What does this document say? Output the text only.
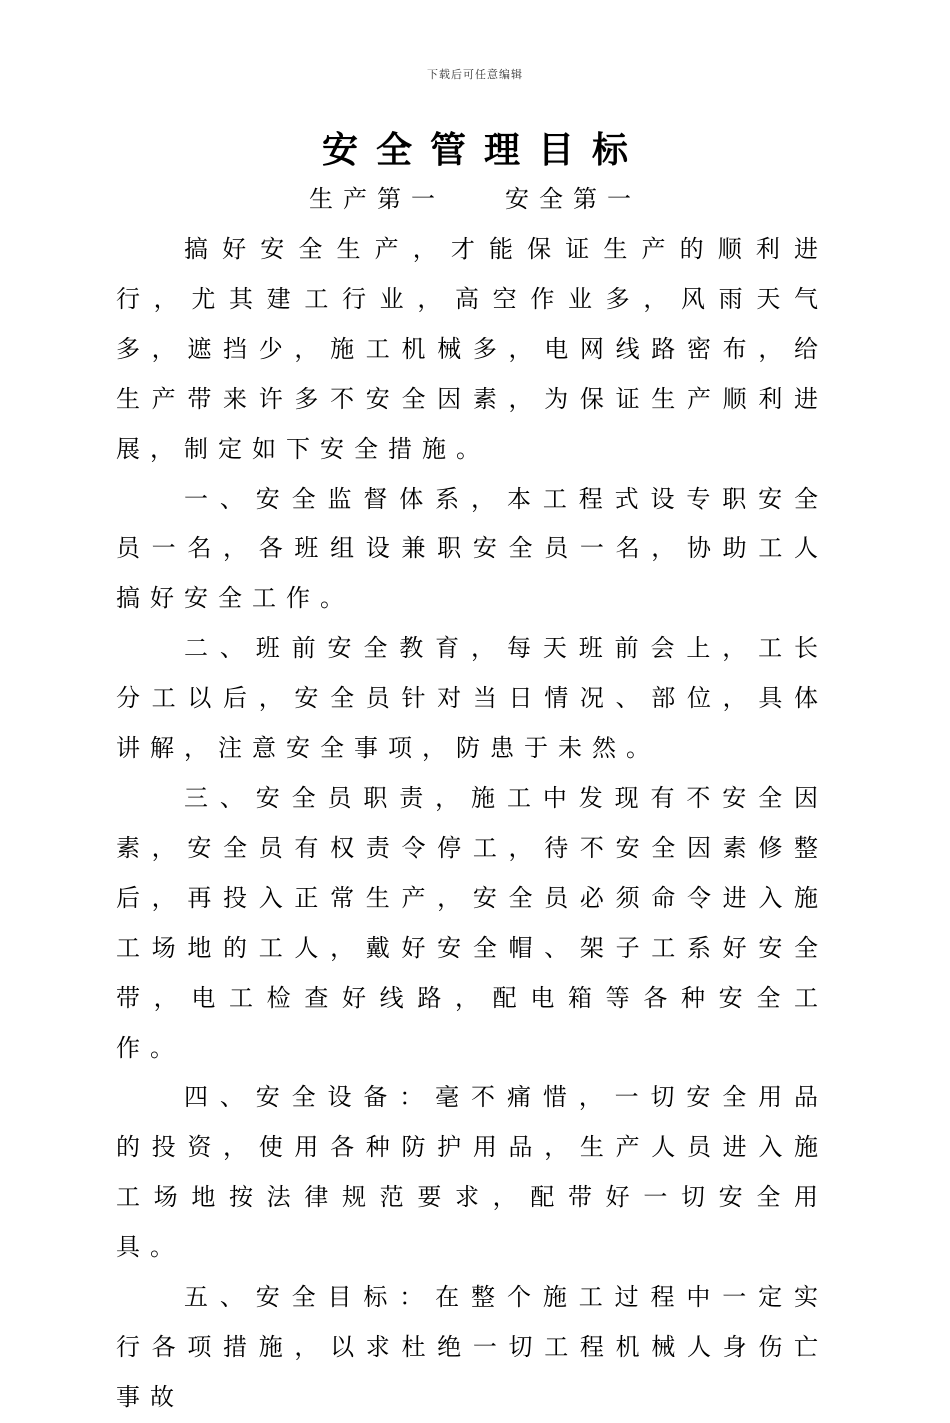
下载后可任意编辑
安全管理目标
生产第一	安全第一

搞好安全生产，才能保证生产的顺利进行，尤其建工行业，高空作业多，风雨天气多，遮挡少，施工机械多，电网线路密布，给生产带来许多不安全因素，为保证生产顺利进展，制定如下安全措施。

一、安全监督体系，本工程式设专职安全员一名，各班组设兼职安全员一名，协助工人搞好安全工作。

二、班前安全教育，每天班前会上，工长分工以后，安全员针对当日情况、部位，具体讲解，注意安全事项，防患于未然。

三、安全员职责，施工中发现有不安全因素，安全员有权责令停工，待不安全因素修整后，再投入正常生产，安全员必须命令进入施工场地的工人，戴好安全帽、架子工系好安全带，电工检查好线路，配电箱等各种安全工作。

四、安全设备：毫不痛惜，一切安全用品的投资，使用各种防护用品，生产人员进入施工场地按法律规范要求，配带好一切安全用具。

五、安全目标：在整个施工过程中一定实行各项措施，以求杜绝一切工程机械人身伤亡事故
